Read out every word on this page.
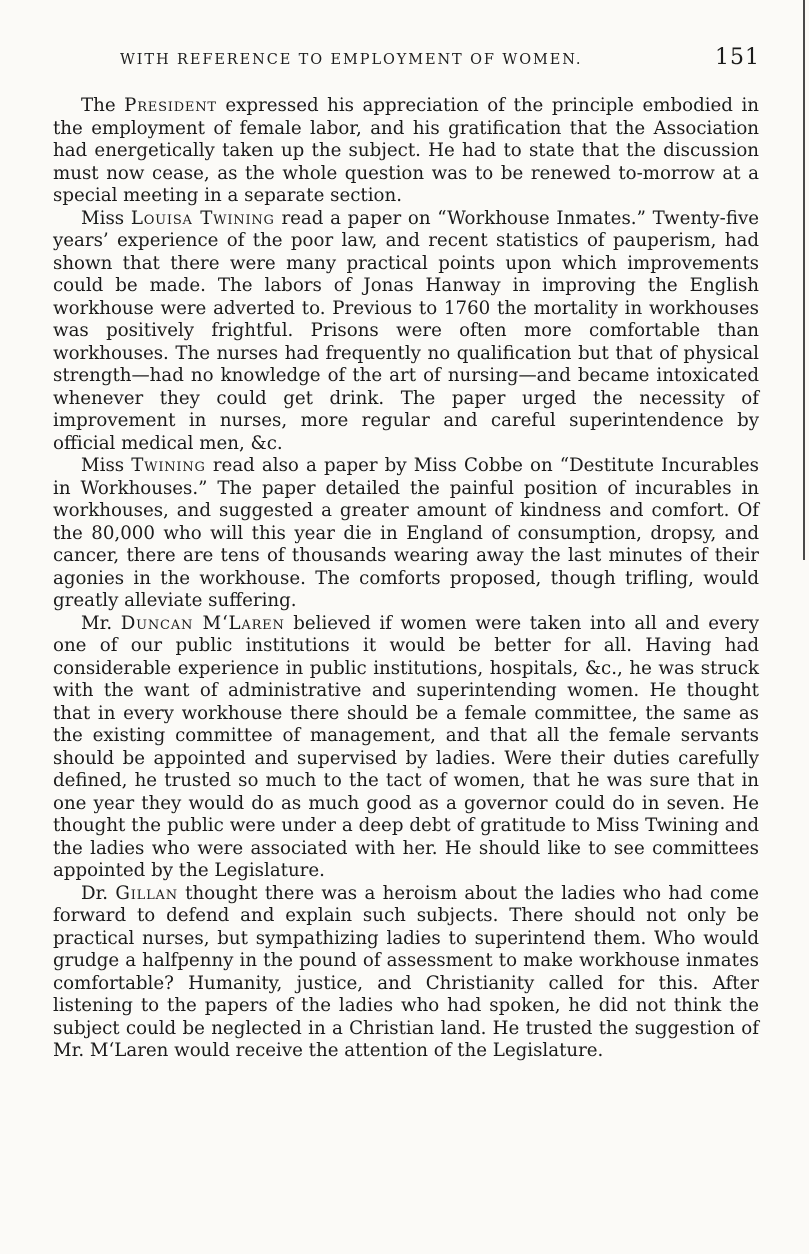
WITH REFERENCE TO EMPLOYMENT OF WOMEN.	151

The President expressed his appreciation of the principle embodied in the employment of female labor, and his gratification that the Association had energetically taken up the subject. He had to state that the discussion must now cease, as the whole question was to be renewed to-morrow at a special meeting in a separate section.

Miss Louisa Twining read a paper on “Workhouse Inmates.” Twenty-five years’ experience of the poor law, and recent statistics of pauperism, had shown that there were many practical points upon which improvements could be made. The labors of Jonas Hanway in improving the English workhouse were adverted to. Previous to 1760 the mortality in workhouses was positively frightful. Prisons were often more comfortable than workhouses. The nurses had frequently no qualification but that of physical strength—had no knowledge of the art of nursing—and became intoxicated whenever they could get drink. The paper urged the necessity of improvement in nurses, more regular and careful superintendence by official medical men, &c.

Miss Twining read also a paper by Miss Cobbe on “Destitute Incurables in Workhouses.” The paper detailed the painful position of incurables in workhouses, and suggested a greater amount of kindness and comfort. Of the 80,000 who will this year die in England of consumption, dropsy, and cancer, there are tens of thousands wearing away the last minutes of their agonies in the workhouse. The comforts proposed, though trifling, would greatly alleviate suffering.

Mr. Duncan M‘Laren believed if women were taken into all and every one of our public institutions it would be better for all. Having had considerable experience in public institutions, hospitals, &c., he was struck with the want of administrative and superintending women. He thought that in every workhouse there should be a female committee, the same as the existing committee of management, and that all the female servants should be appointed and supervised by ladies. Were their duties carefully defined, he trusted so much to the tact of women, that he was sure that in one year they would do as much good as a governor could do in seven. He thought the public were under a deep debt of gratitude to Miss Twining and the ladies who were associated with her. He should like to see committees appointed by the Legislature.

Dr. Gillan thought there was a heroism about the ladies who had come forward to defend and explain such subjects. There should not only be practical nurses, but sympathizing ladies to superintend them. Who would grudge a halfpenny in the pound of assessment to make workhouse inmates comfortable? Humanity, justice, and Christianity called for this. After listening to the papers of the ladies who had spoken, he did not think the subject could be neglected in a Christian land. He trusted the suggestion of Mr. M‘Laren would receive the attention of the Legislature.
